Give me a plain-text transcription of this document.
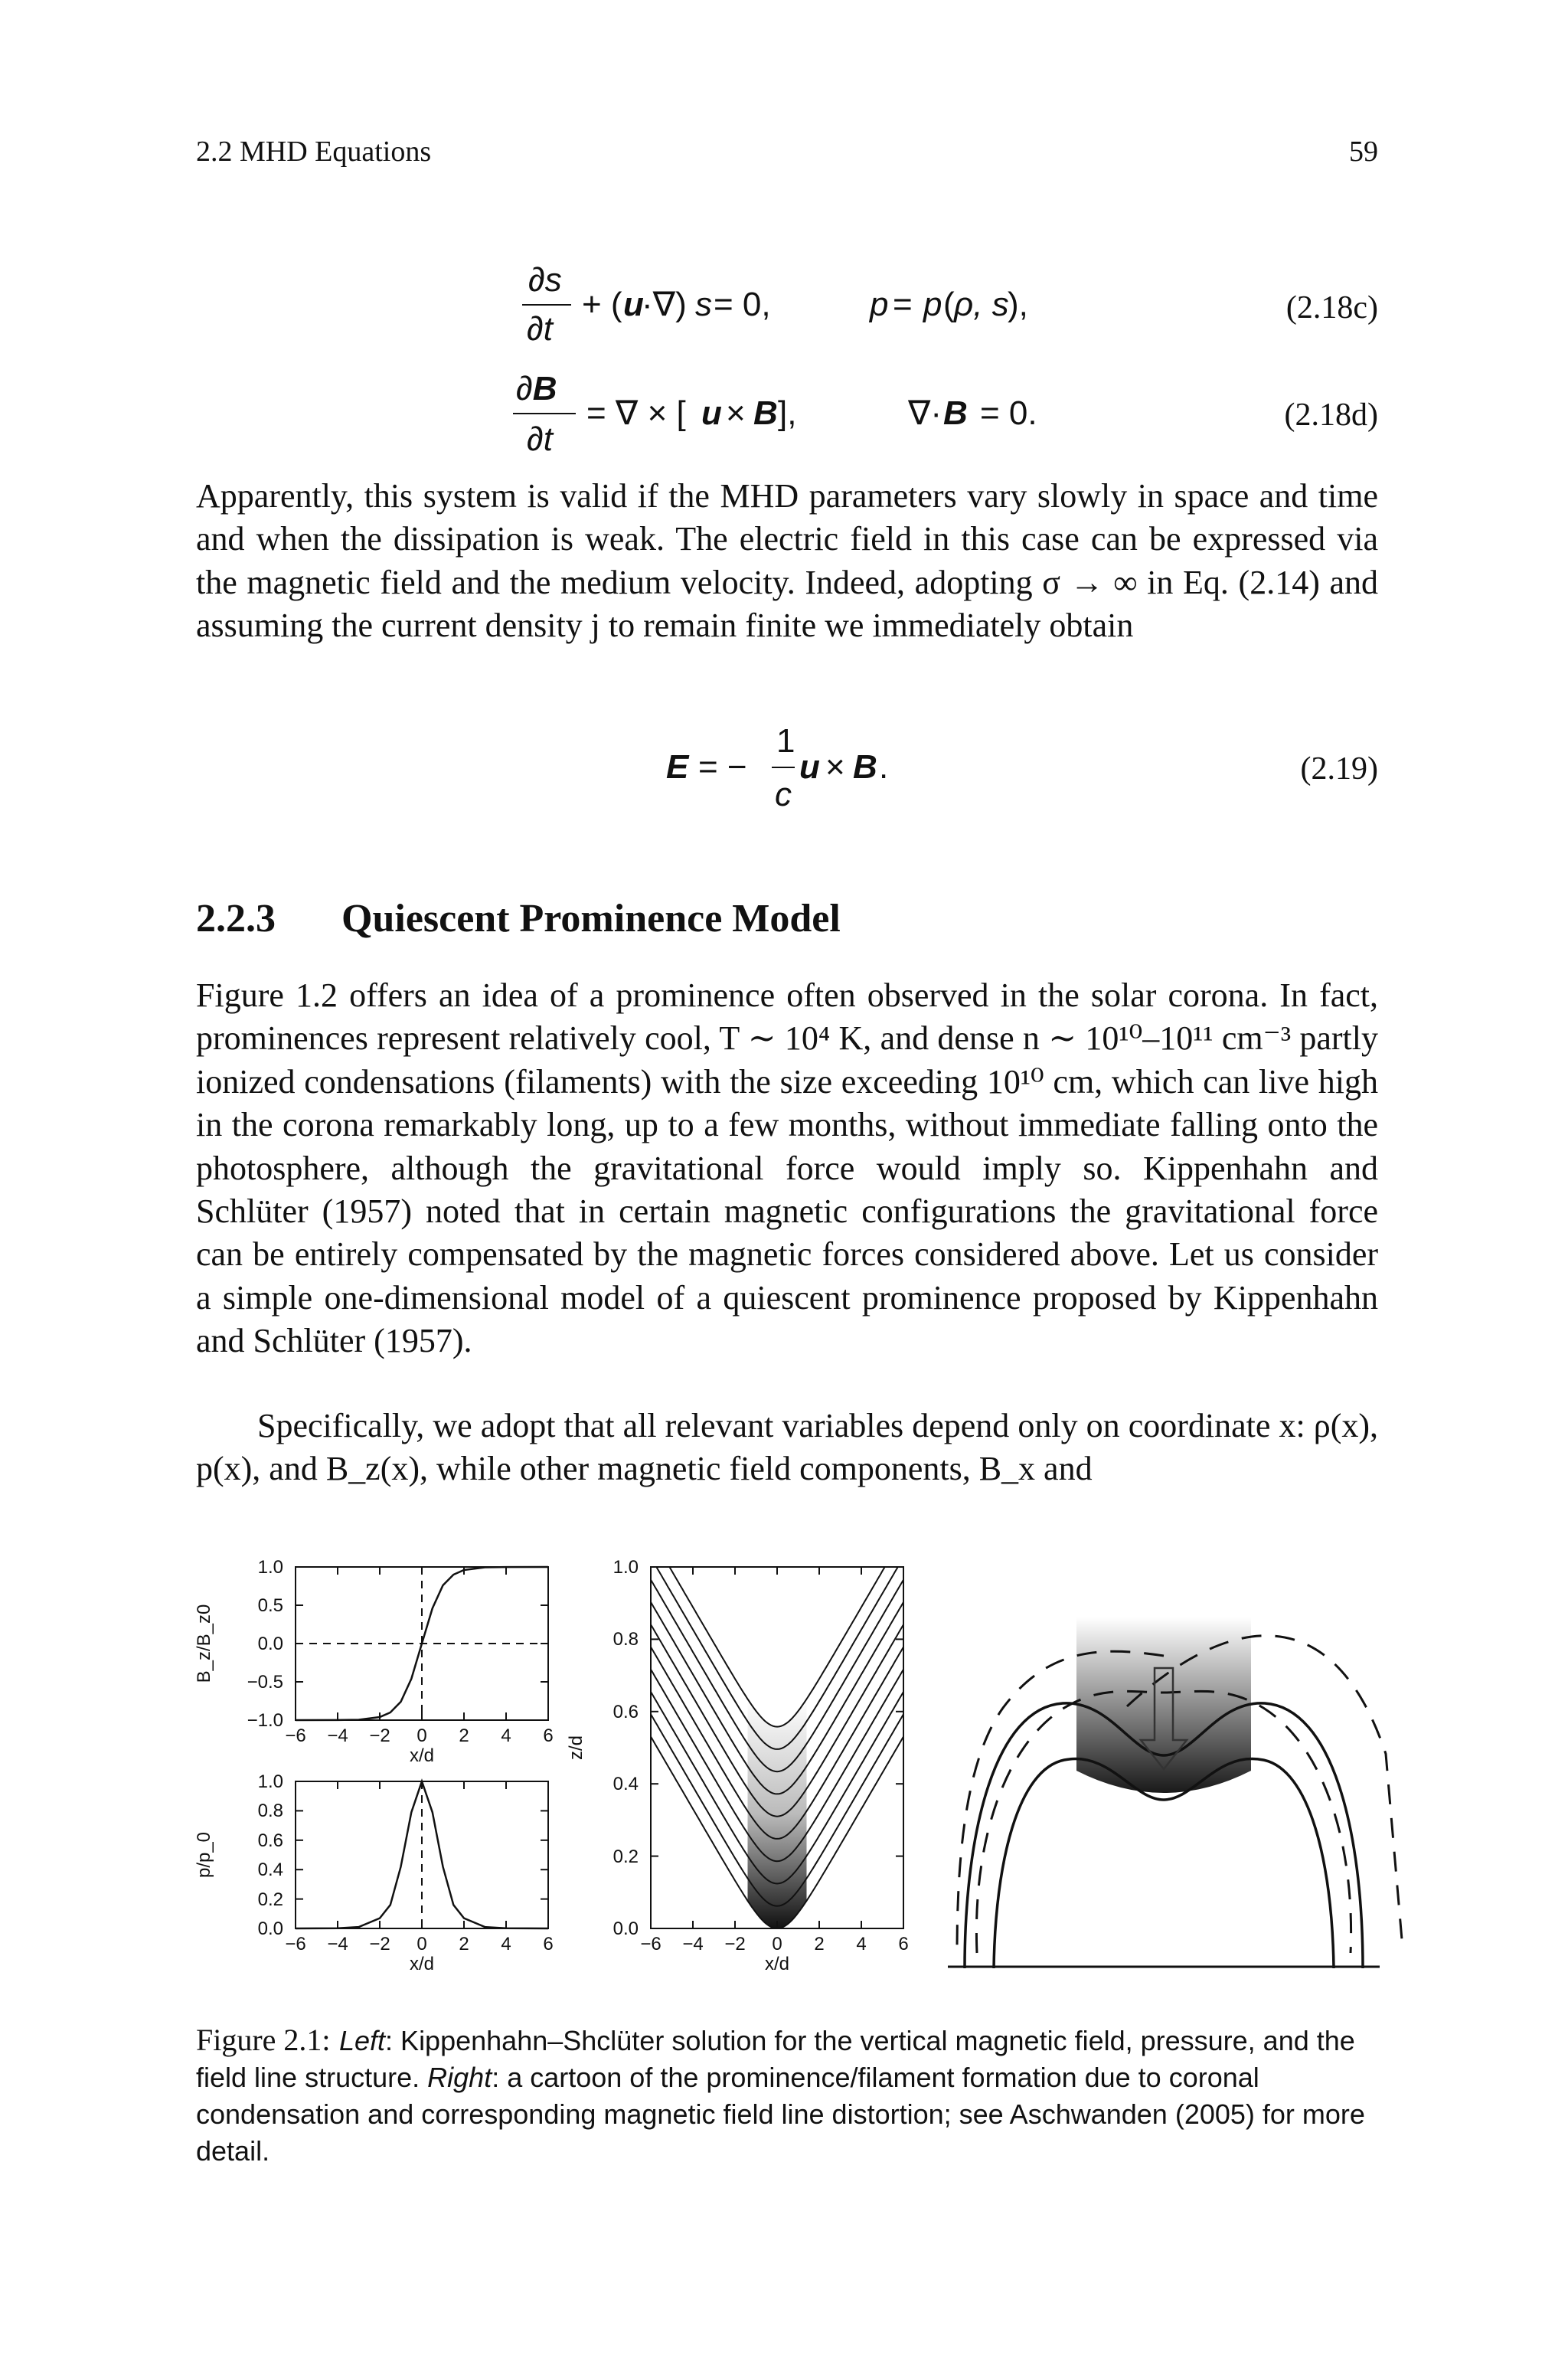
2.2 MHD Equations	59
∂s
∂t
+ ( u
·∇) s = 0,	p = p ( ρ, s
),	(2.18c)
∂B
∂t
= ∇ × [ u × B ],	∇· B = 0.	(2.18d)

Apparently, this system is valid if the MHD parameters vary slowly in space and time and when the dissipation is weak. The electric field in this case can be expressed via the magnetic field and the medium velocity. Indeed, adopting σ → ∞ in Eq. (2.14) and assuming the current density j to remain finite we immediately obtain

E = −
1
c
u × B .	(2.19)
2.2.3 Quiescent Prominence Model

Figure 1.2 offers an idea of a prominence often observed in the solar corona. In fact, prominences represent relatively cool, T ∼ 10⁴ K, and dense n ∼ 10¹⁰–10¹¹ cm⁻³ partly ionized condensations (filaments) with the size exceeding 10¹⁰ cm, which can live high in the corona remarkably long, up to a few months, without immediate falling onto the photosphere, although the gravitational force would imply so. Kippenhahn and Schlüter (1957) noted that in certain magnetic configurations the gravitational force can be entirely compensated by the magnetic forces considered above. Let us consider a simple one-dimensional model of a quiescent prominence proposed by Kippenhahn and Schlüter (1957).

Specifically, we adopt that all relevant variables depend only on coordinate x: ρ(x), p(x), and B_z(x), while other magnetic field components, B_x and

1.0
0.5
0.0
−0.5
−1.0
−6 −4 −2 0 2 4 6
x/d
B_z/B_z0
1.0
0.8
0.6
0.4
0.2
0.0
−6 −4 −2 0 2 4 6
x/d
p/p_0
1.0
0.8
0.6
0.4
0.2
0.0
−6 −4 −2 0 2 4 6
x/d
z/d
Figure 2.1: Left: Kippenhahn–Shclüter solution for the vertical magnetic field, pressure, and the field line structure. Right: a cartoon of the prominence/filament formation due to coronal condensation and corresponding magnetic field line distortion; see Aschwanden (2005) for more detail.
